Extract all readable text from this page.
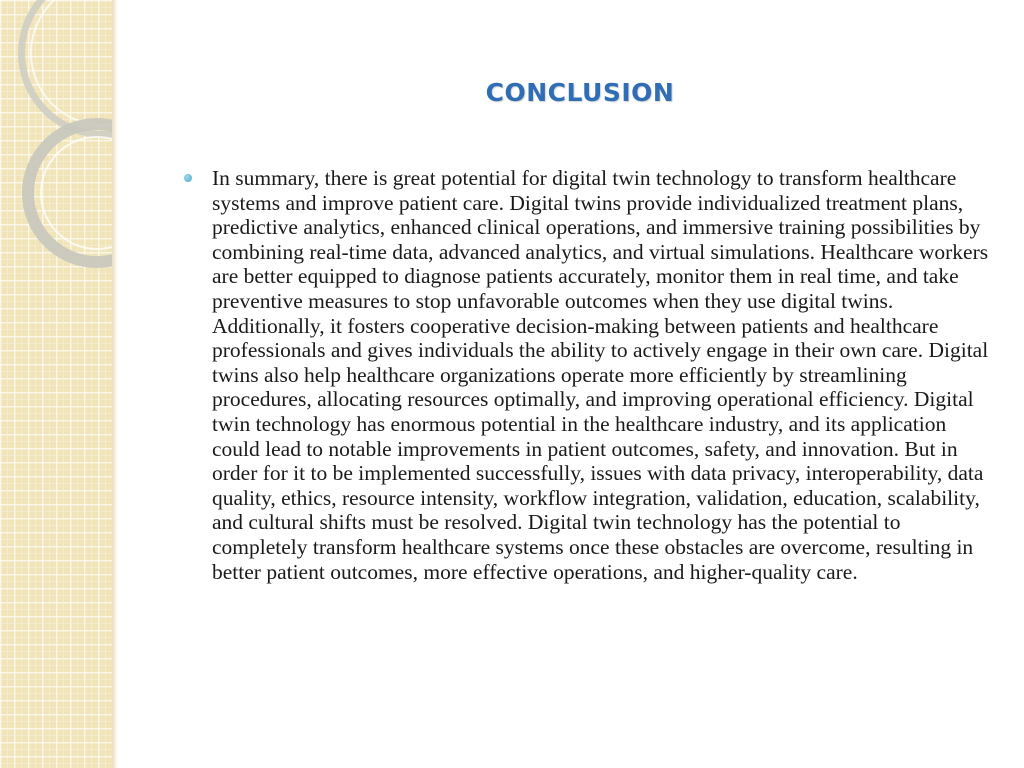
CONCLUSION

In summary, there is great potential for digital twin technology to transform healthcare systems and improve patient care. Digital twins provide individualized treatment plans, predictive analytics, enhanced clinical operations, and immersive training possibilities by combining real-time data, advanced analytics, and virtual simulations. Healthcare workers are better equipped to diagnose patients accurately, monitor them in real time, and take preventive measures to stop unfavorable outcomes when they use digital twins. Additionally, it fosters cooperative decision-making between patients and healthcare professionals and gives individuals the ability to actively engage in their own care. Digital twins also help healthcare organizations operate more efficiently by streamlining procedures, allocating resources optimally, and improving operational efficiency. Digital twin technology has enormous potential in the healthcare industry, and its application could lead to notable improvements in patient outcomes, safety, and innovation. But in order for it to be implemented successfully, issues with data privacy, interoperability, data quality, ethics, resource intensity, workflow integration, validation, education, scalability, and cultural shifts must be resolved. Digital twin technology has the potential to completely transform healthcare systems once these obstacles are overcome, resulting in better patient outcomes, more effective operations, and higher-quality care.
